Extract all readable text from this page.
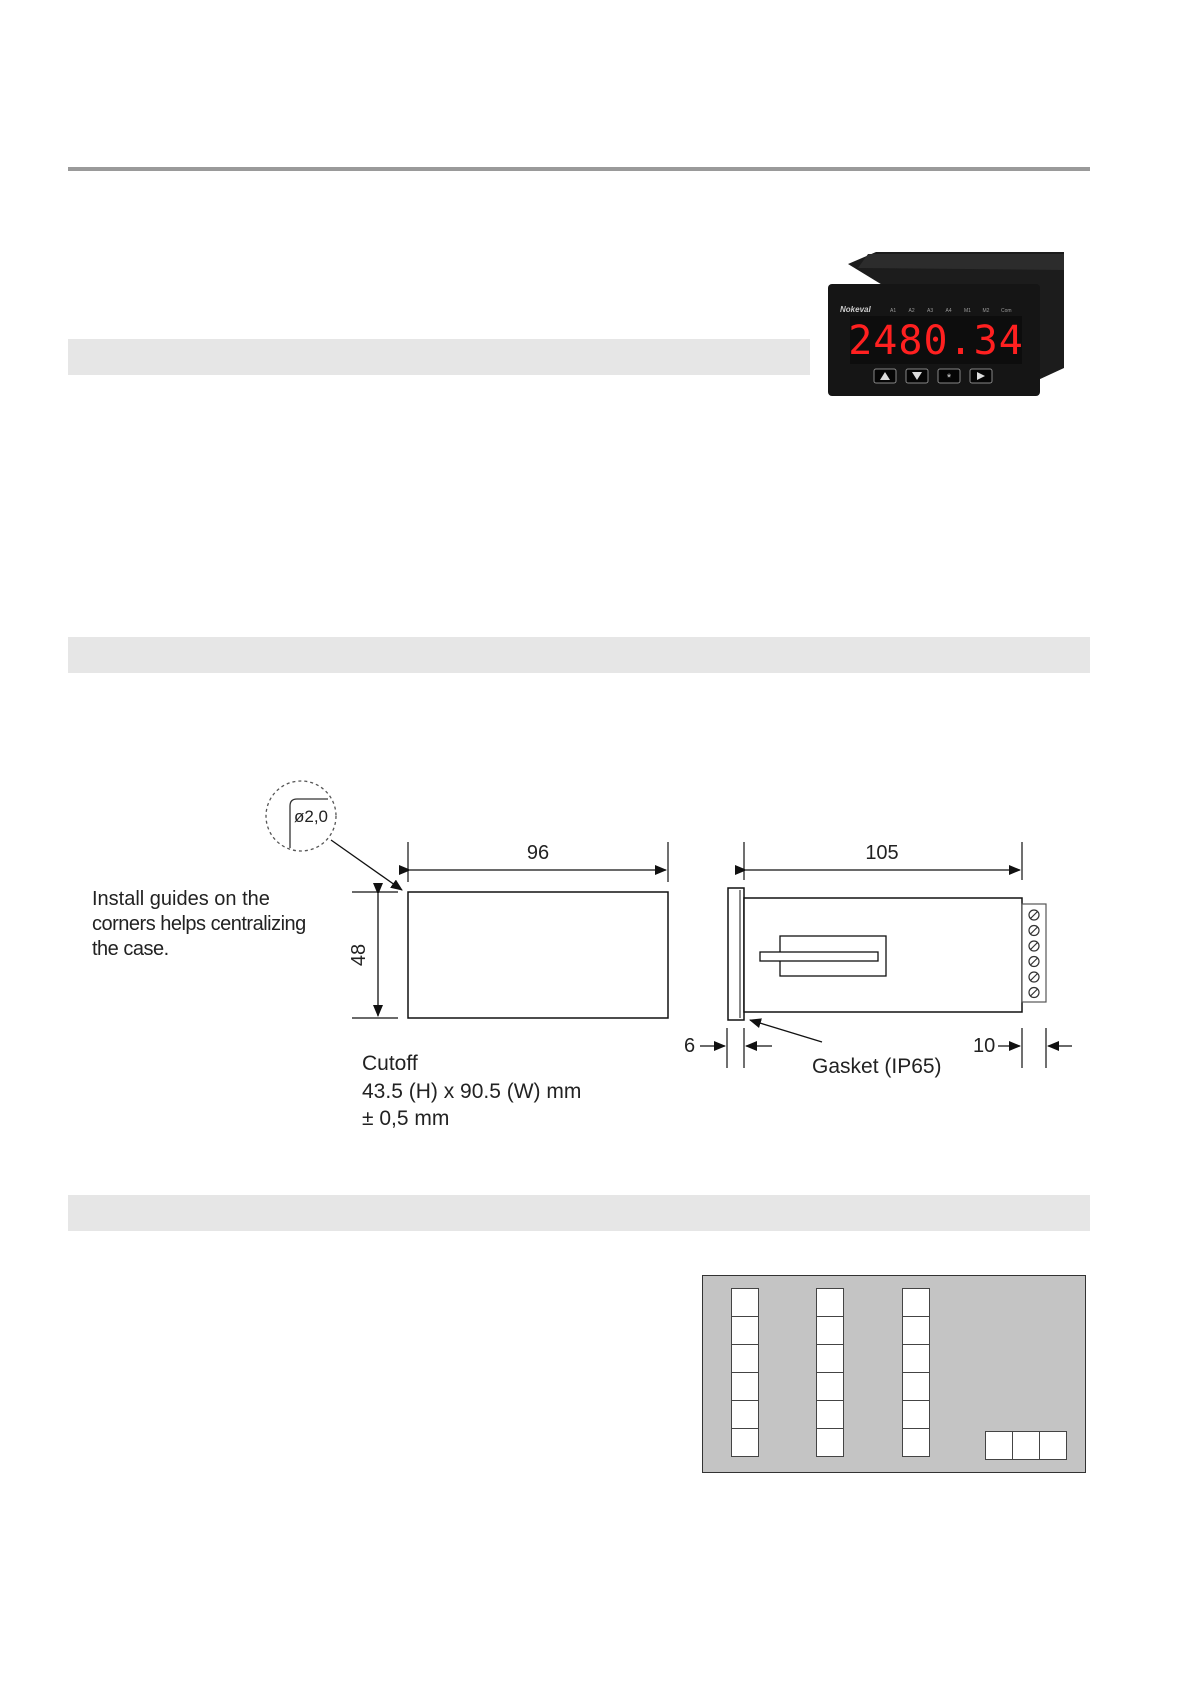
Nokeval	A1 A2 A3 A4 M1 M2 Com
2480.34
*
ø2,0
Install guides on the
corners helps centralizing
the case.
96
48
Cutoff
43.5 (H) x 90.5 (W) mm
± 0,5 mm
105
6	10
Gasket (IP65)
